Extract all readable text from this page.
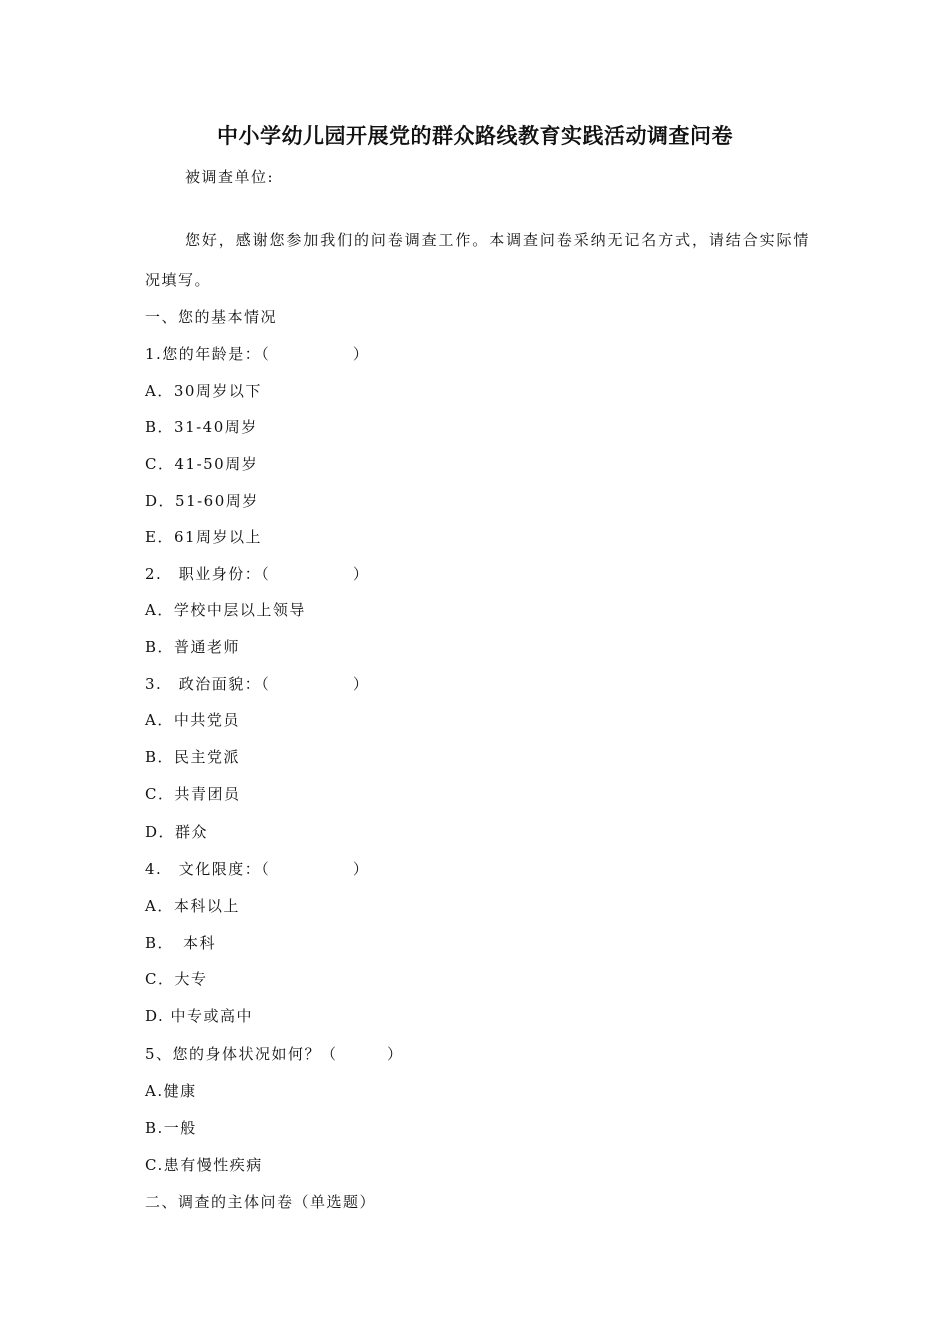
中小学幼儿园开展党的群众路线教育实践活动调查问卷

被调查单位:

您好，感谢您参加我们的问卷调查工作。本调查问卷采纳无记名方式，请结合实际情

况填写。

一、您的基本情况

1.您的年龄是：（　　　　　）

A．30周岁以下

B．31-40周岁

C．41-50周岁

D．51-60周岁

E．61周岁以上

2.　职业身份：（　　　　　）

A．学校中层以上领导

B．普通老师

3.　政治面貌：（　　　　　）

A．中共党员

B．民主党派

C．共青团员

D．群众

4.　文化限度：（　　　　　）

A．本科以上

B．　本科

C．大专

D. 中专或高中

5、您的身体状况如何？（　　　）

A.健康

B.一般

C.患有慢性疾病

二、调查的主体问卷（单选题）
